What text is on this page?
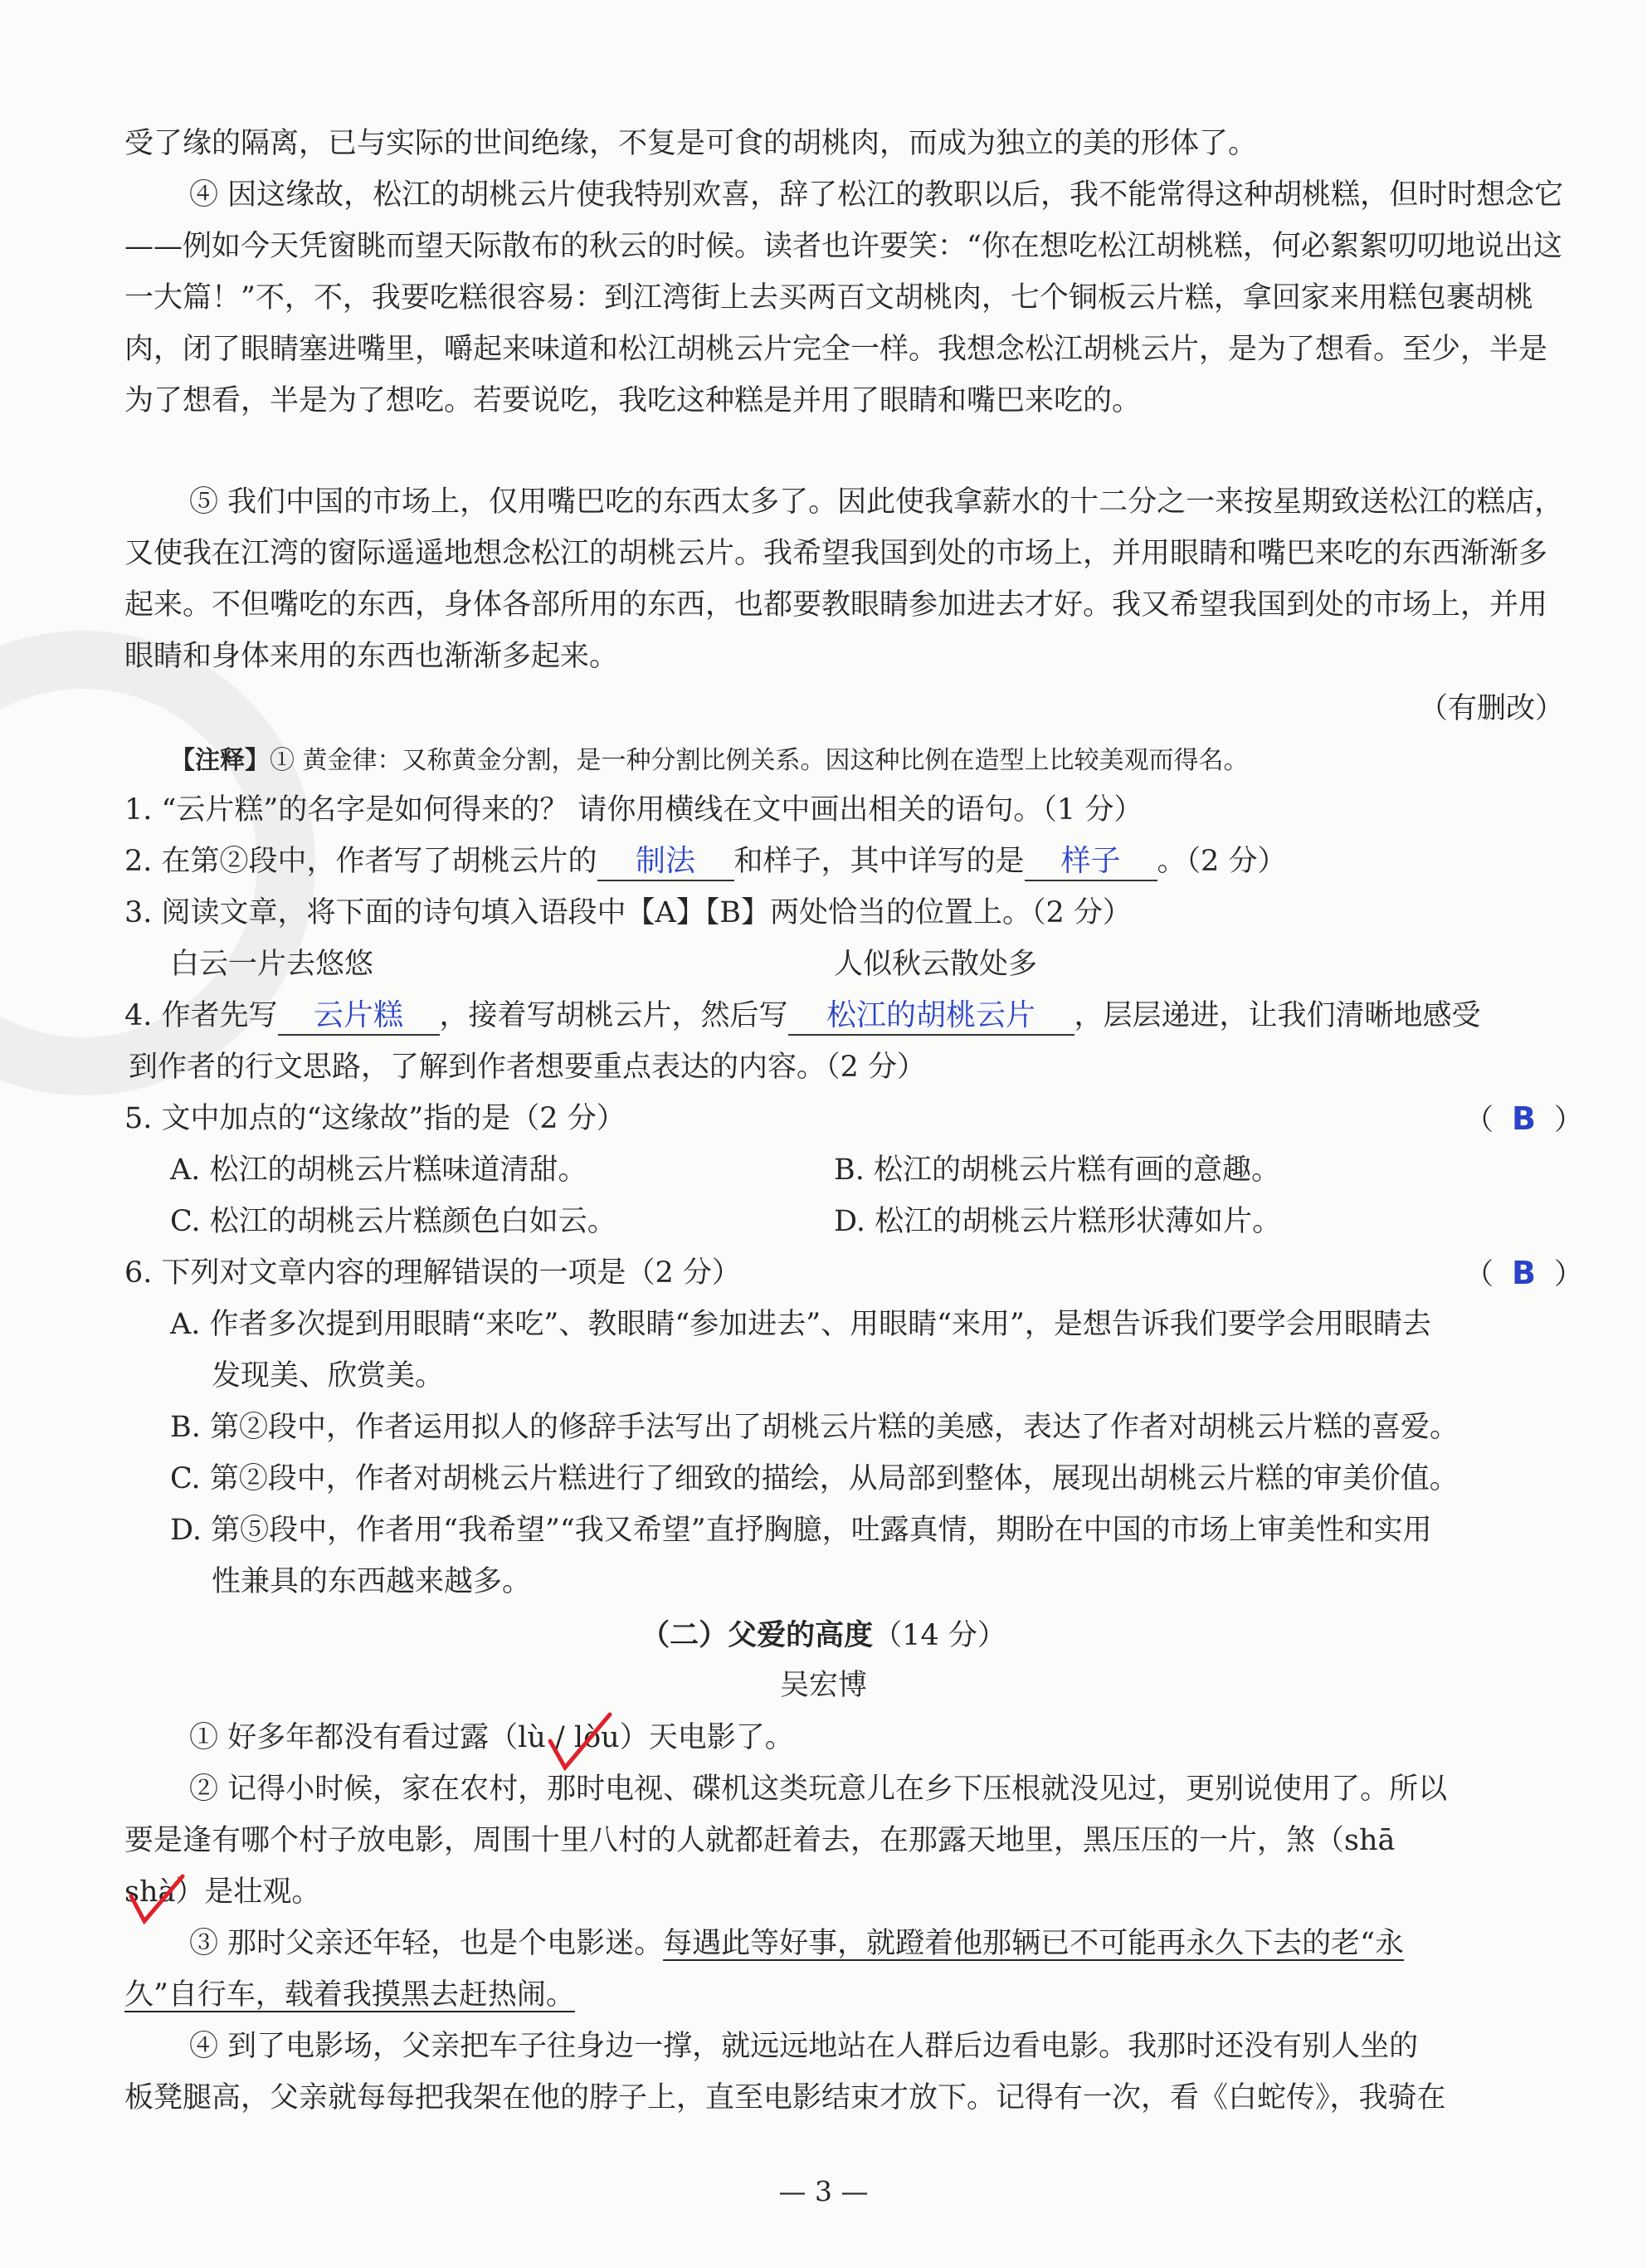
受了缘的隔离，已与实际的世间绝缘，不复是可食的胡桃肉，而成为独立的美的形体了。
④ 因这缘故，松江的胡桃云片使我特别欢喜，辞了松江的教职以后，我不能常得这种胡桃糕，但时时想念它——例如今天凭窗眺而望天际散布的秋云的时候。读者也许要笑：“你在想吃松江胡桃糕，何必絮絮叨叨地说出这一大篇！”不，不，我要吃糕很容易：到江湾街上去买两百文胡桃肉，七个铜板云片糕，拿回家来用糕包裹胡桃肉，闭了眼睛塞进嘴里，嚼起来味道和松江胡桃云片完全一样。我想念松江胡桃云片，是为了想看。至少，半是为了想看，半是为了想吃。若要说吃，我吃这种糕是并用了眼睛和嘴巴来吃的。
⑤ 我们中国的市场上，仅用嘴巴吃的东西太多了。因此使我拿薪水的十二分之一来按星期致送松江的糕店，又使我在江湾的窗际遥遥地想念松江的胡桃云片。我希望我国到处的市场上，并用眼睛和嘴巴来吃的东西渐渐多起来。不但嘴吃的东西，身体各部所用的东西，也都要教眼睛参加进去才好。我又希望我国到处的市场上，并用眼睛和身体来用的东西也渐渐多起来。
（有删改）
【注释】① 黄金律：又称黄金分割，是一种分割比例关系。因这种比例在造型上比较美观而得名。
1. “云片糕”的名字是如何得来的？ 请你用横线在文中画出相关的语句。（1 分）
2. 在第②段中，作者写了胡桃云片的 制法 和样子，其中详写的是 样子 。（2 分）
3. 阅读文章，将下面的诗句填入语段中【A】【B】两处恰当的位置上。（2 分）
白云一片去悠悠	人似秋云散处多
4. 作者先写 云片糕 ，接着写胡桃云片，然后写 松江的胡桃云片 ，层层递进，让我们清晰地感受
到作者的行文思路，了解到作者想要重点表达的内容。（2 分）
5. 文中加点的“这缘故”指的是（2 分）	（ B ）
A. 松江的胡桃云片糕味道清甜。	B. 松江的胡桃云片糕有画的意趣。
C. 松江的胡桃云片糕颜色白如云。	D. 松江的胡桃云片糕形状薄如片。
6. 下列对文章内容的理解错误的一项是（2 分）	（ B ）
A. 作者多次提到用眼睛“来吃”、教眼睛“参加进去”、用眼睛“来用”，是想告诉我们要学会用眼睛去
发现美、欣赏美。
B. 第②段中，作者运用拟人的修辞手法写出了胡桃云片糕的美感，表达了作者对胡桃云片糕的喜爱。
C. 第②段中，作者对胡桃云片糕进行了细致的描绘，从局部到整体，展现出胡桃云片糕的审美价值。
D. 第⑤段中，作者用“我希望”“我又希望”直抒胸臆，吐露真情，期盼在中国的市场上审美性和实用
性兼具的东西越来越多。
（二）父爱的高度（14 分）
吴宏博
① 好多年都没有看过露（lù / lòu）天电影了。
② 记得小时候，家在农村，那时电视、碟机这类玩意儿在乡下压根就没见过，更别说使用了。所以
要是逢有哪个村子放电影，周围十里八村的人就都赶着去，在那露天地里，黑压压的一片，煞（shā
shà）是壮观。
③ 那时父亲还年轻，也是个电影迷。每遇此等好事，就蹬着他那辆已不可能再永久下去的老“永
久”自行车，载着我摸黑去赶热闹。
④ 到了电影场，父亲把车子往身边一撑，就远远地站在人群后边看电影。我那时还没有别人坐的
板凳腿高，父亲就每每把我架在他的脖子上，直至电影结束才放下。记得有一次，看《白蛇传》，我骑在
— 3 —
